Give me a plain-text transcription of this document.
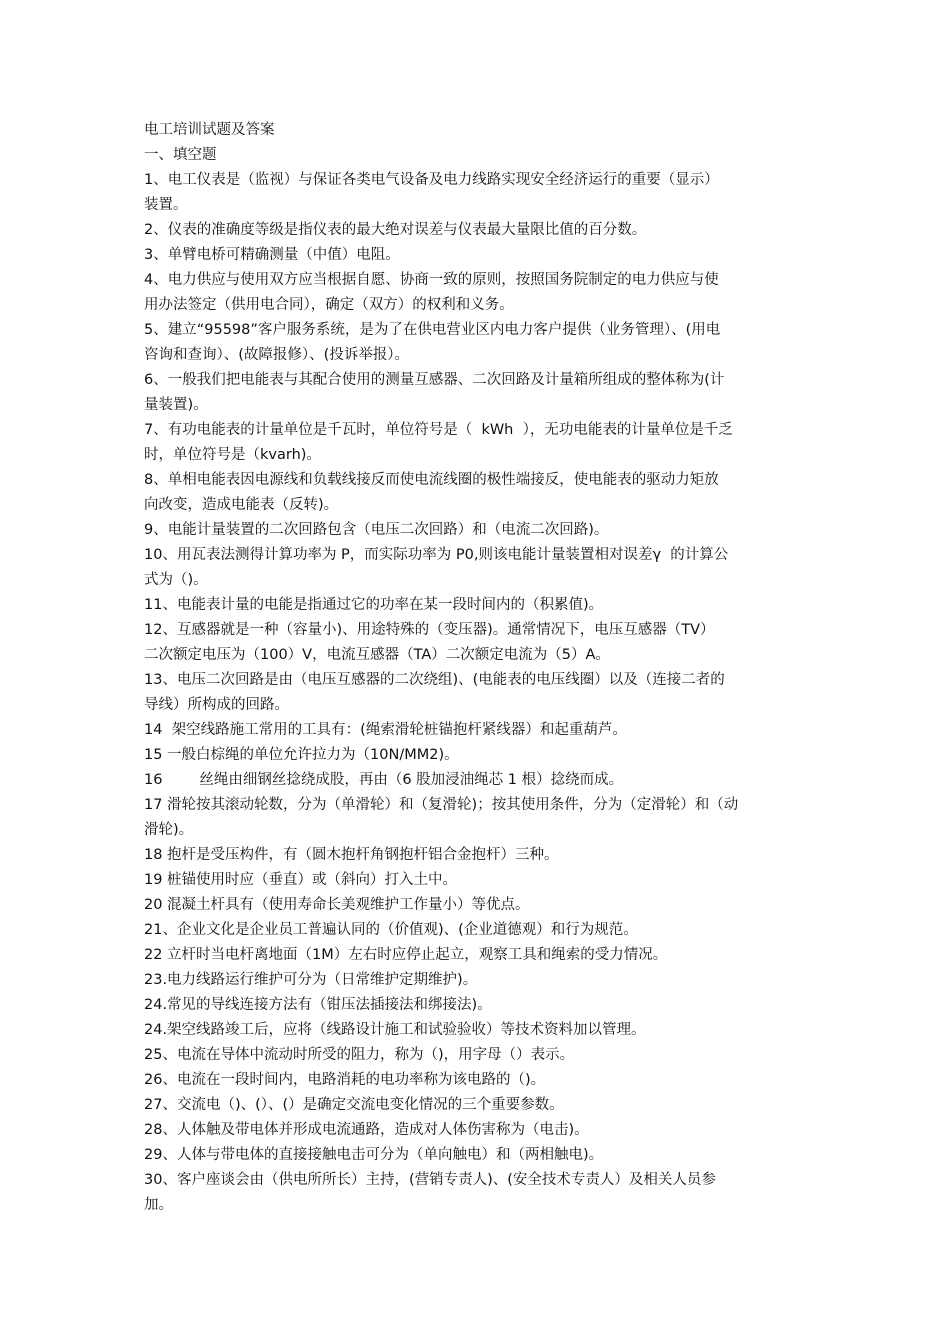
电工培训试题及答案
一、填空题
1、电工仪表是（监视）与保证各类电气设备及电力线路实现安全经济运行的重要（显示）
装置。
2、仪表的准确度等级是指仪表的最大绝对误差与仪表最大量限比值的百分数。
3、单臂电桥可精确测量（中值）电阻。
4、电力供应与使用双方应当根据自愿、协商一致的原则，按照国务院制定的电力供应与使
用办法签定（供用电合同），确定（双方）的权利和义务。
5、建立“95598”客户服务系统，是为了在供电营业区内电力客户提供（业务管理）、(用电
咨询和查询）、(故障报修）、(投诉举报）。
6、一般我们把电能表与其配合使用的测量互感器、二次回路及计量箱所组成的整体称为(计
量装置)。
7、有功电能表的计量单位是千瓦时，单位符号是（  kWh  ），无功电能表的计量单位是千乏
时，单位符号是（kvarh)。
8、单相电能表因电源线和负载线接反而使电流线圈的极性端接反，使电能表的驱动力矩放
向改变，造成电能表（反转)。
9、电能计量装置的二次回路包含（电压二次回路）和（电流二次回路)。
10、用瓦表法测得计算功率为 P，而实际功率为 P0,则该电能计量装置相对误差γ  的计算公
式为（)。
11、电能表计量的电能是指通过它的功率在某一段时间内的（积累值)。
12、互感器就是一种（容量小)、用途特殊的（变压器)。通常情况下，电压互感器（TV）
二次额定电压为（100）V，电流互感器（TA）二次额定电流为（5）A。
13、电压二次回路是由（电压互感器的二次绕组)、(电能表的电压线圈）以及（连接二者的
导线）所构成的回路。
14  架空线路施工常用的工具有：(绳索滑轮桩锚抱杆紧线器）和起重葫芦。
15 一般白棕绳的单位允许拉力为（10N/MM2)。
16        丝绳由细钢丝捻绕成股，再由（6 股加浸油绳芯 1 根）捻绕而成。
17 滑轮按其滚动轮数，分为（单滑轮）和（复滑轮)；按其使用条件，分为（定滑轮）和（动
滑轮)。
18 抱杆是受压构件，有（圆木抱杆角钢抱杆铝合金抱杆）三种。
19 桩锚使用时应（垂直）或（斜向）打入土中。
20 混凝土杆具有（使用寿命长美观维护工作量小）等优点。
21、企业文化是企业员工普遍认同的（价值观)、(企业道德观）和行为规范。
22 立杆时当电杆离地面（1M）左右时应停止起立，观察工具和绳索的受力情况。
23.电力线路运行维护可分为（日常维护定期维护)。
24.常见的导线连接方法有（钳压法插接法和绑接法)。
24.架空线路竣工后，应将（线路设计施工和试验验收）等技术资料加以管理。
25、电流在导体中流动时所受的阻力，称为（)，用字母（）表示。
26、电流在一段时间内，电路消耗的电功率称为该电路的（)。
27、交流电（)、(）、(）是确定交流电变化情况的三个重要参数。
28、人体触及带电体并形成电流通路，造成对人体伤害称为（电击)。
29、人体与带电体的直接接触电击可分为（单向触电）和（两相触电)。
30、客户座谈会由（供电所所长）主持，(营销专责人)、(安全技术专责人）及相关人员参
加。
